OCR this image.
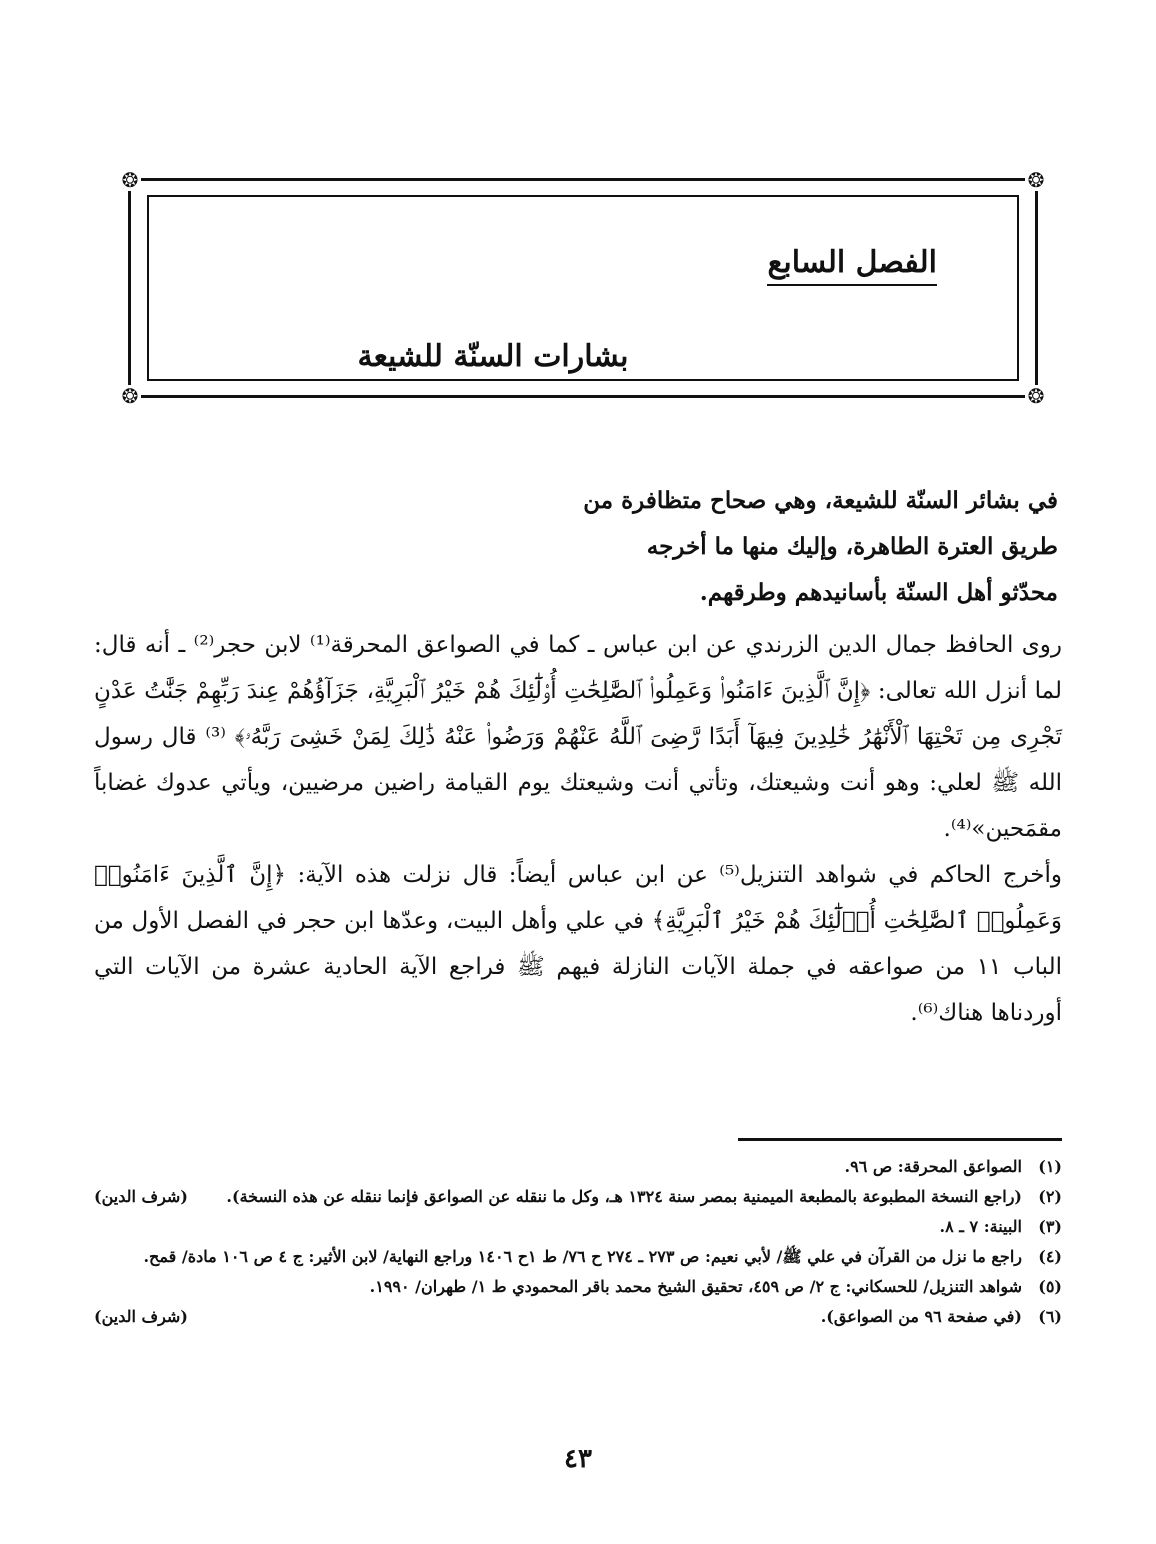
الفصل السابع
بشارات السنّة للشيعة
❂	❂
❂	❂
في بشائر السنّة للشيعة، وهي صحاح متظافرة من
طريق العترة الطاهرة، وإليك منها ما أخرجه
محدّثو أهل السنّة بأسانيدهم وطرقهم.

روى الحافظ جمال الدين الزرندي عن ابن عباس ـ كما في الصواعق المحرقة⁽¹⁾ لابن حجر⁽²⁾ ـ أنه قال: لما أنزل الله تعالى: ﴿إِنَّ ٱلَّذِينَ ءَامَنُوا۟ وَعَمِلُوا۟ ٱلصَّٰلِحَٰتِ أُو۟لَٰٓئِكَ هُمْ خَيْرُ ٱلْبَرِيَّةِ، جَزَآؤُهُمْ عِندَ رَبِّهِمْ جَنَّٰتُ عَدْنٍ تَجْرِى مِن تَحْتِهَا ٱلْأَنْهَٰرُ خَٰلِدِينَ فِيهَآ أَبَدًا رَّضِىَ ٱللَّهُ عَنْهُمْ وَرَضُوا۟ عَنْهُ ذَٰلِكَ لِمَنْ خَشِىَ رَبَّهُۥ﴾ ⁽³⁾ قال رسول الله ﷺ لعلي: وهو أنت وشيعتك، وتأتي أنت وشيعتك يوم القيامة راضين مرضيين، ويأتي عدوك غضاباً مقمَحين»⁽⁴⁾.

وأخرج الحاكم في شواهد التنزيل⁽⁵⁾ عن ابن عباس أيضاً: قال نزلت هذه الآية: ﴿إِنَّ ٱلَّذِينَ ءَامَنُوا۟ وَعَمِلُوا۟ ٱلصَّٰلِحَٰتِ أُو۟لَٰٓئِكَ هُمْ خَيْرُ ٱلْبَرِيَّةِ﴾ في علي وأهل البيت، وعدّها ابن حجر في الفصل الأول من الباب ١١ من صواعقه في جملة الآيات النازلة فيهم ﷺ فراجع الآية الحادية عشرة من الآيات التي أوردناها هناك⁽⁶⁾.

(١)
الصواعق المحرقة: ص ٩٦.
(٢)
(راجع النسخة المطبوعة بالمطبعة الميمنية بمصر سنة ١٣٢٤ هـ، وكل ما ننقله عن الصواعق فإنما ننقله عن هذه النسخة).
(شرف الدين)
(٣)
البينة: ٧ ـ ٨.
(٤)
راجع ما نزل من القرآن في علي ﷺ/ لأبي نعيم: ص ٢٧٣ ـ ٢٧٤ ح ٧٦/ ط ١ح ١٤٠٦ وراجع النهاية/ لابن الأثير: ج ٤ ص ١٠٦ مادة/ قمح.
(٥)
شواهد التنزيل/ للحسكاني: ج ٢/ ص ٤٥٩، تحقيق الشيخ محمد باقر المحمودي ط ١/ طهران/ ١٩٩٠.
(٦)
(في صفحة ٩٦ من الصواعق).
(شرف الدين)
٤٣
